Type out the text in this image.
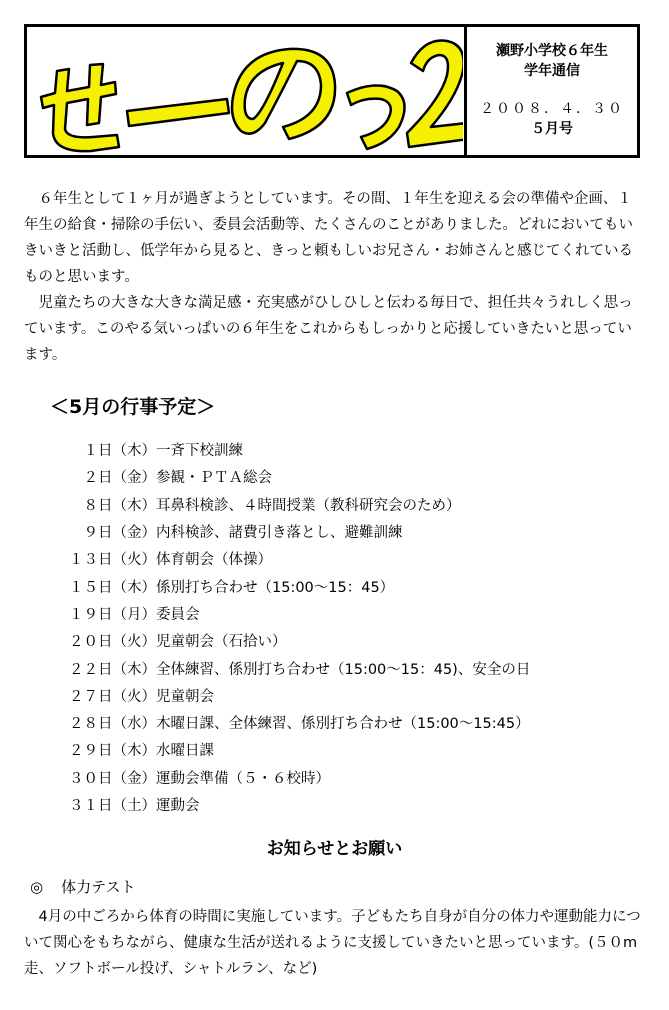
瀬野小学校６年生
学年通信
２００８．４．３０
５月号

６年生として１ヶ月が過ぎようとしています。その間、１年生を迎える会の準備や企画、１年生の給食・掃除の手伝い、委員会活動等、たくさんのことがありました。どれにおいてもいきいきと活動し、低学年から見ると、きっと頼もしいお兄さん・お姉さんと感じてくれているものと思います。

児童たちの大きな大きな満足感・充実感がひしひしと伝わる毎日で、担任共々うれしく思っています。このやる気いっぱいの６年生をこれからもしっかりと応援していきたいと思っています。

＜5月の行事予定＞
１日（木） 一斉下校訓練
２日（金） 参観・ＰＴＡ総会
８日（木） 耳鼻科検診、４時間授業（教科研究会のため）
９日（金） 内科検診、諸費引き落とし、避難訓練
１３日（火） 体育朝会（体操）
１５日（木） 係別打ち合わせ（15:00～15：45）
１９日（月） 委員会
２０日（火） 児童朝会（石拾い）
２２日（木） 全体練習、係別打ち合わせ（15:00～15：45)、安全の日
２７日（火） 児童朝会
２８日（水） 木曜日課、全体練習、係別打ち合わせ（15:00～15:45）
２９日（木） 水曜日課
３０日（金） 運動会準備（５・６校時）
３１日（土） 運動会
お知らせとお願い
◎ 体力テスト

4月の中ごろから体育の時間に実施しています。子どもたち自身が自分の体力や運動能力について関心をもちながら、健康な生活が送れるように支援していきたいと思っています。(５０m走、ソフトボール投げ、シャトルラン、など)
